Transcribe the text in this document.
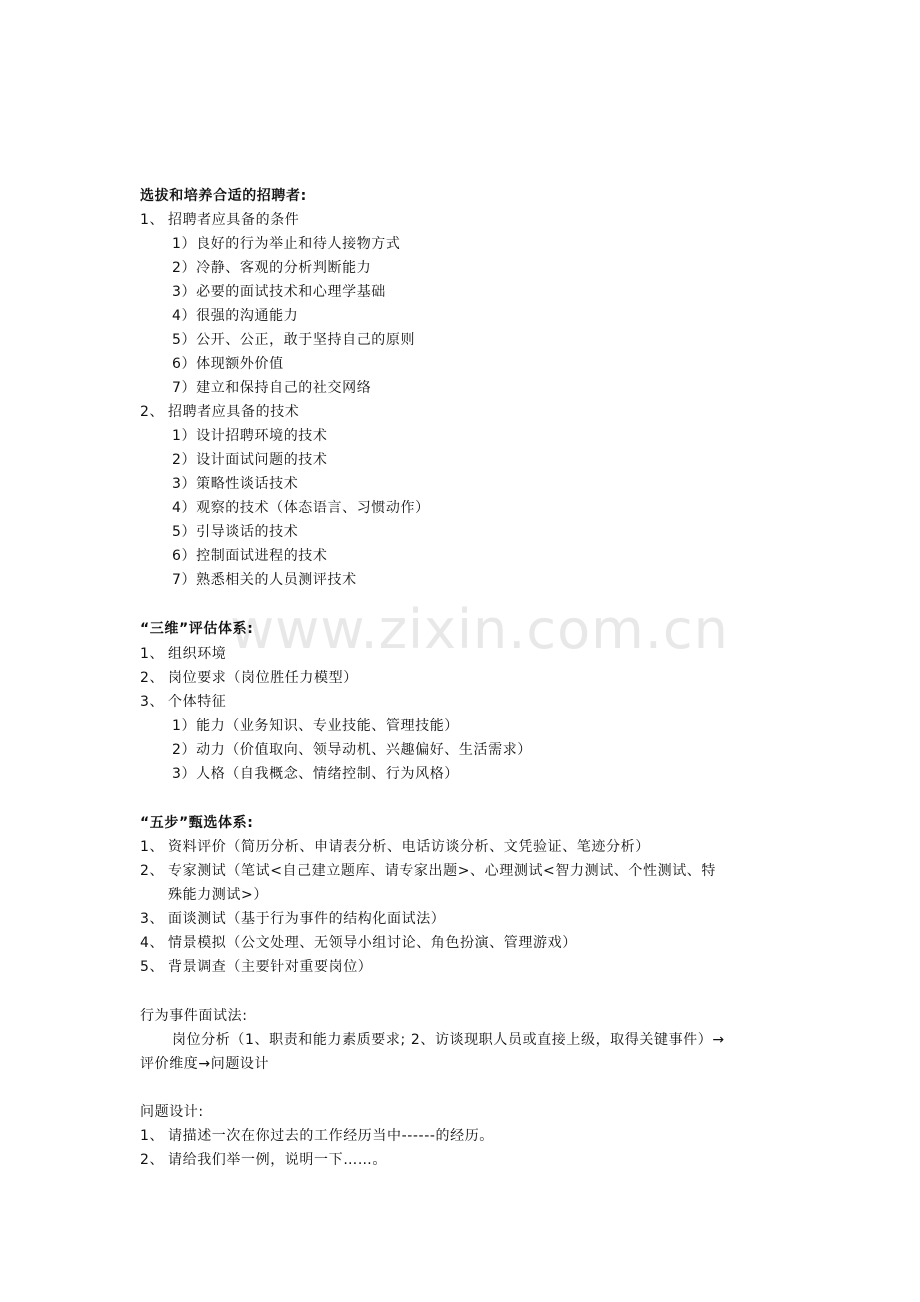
www.zixin.com.cn
选拔和培养合适的招聘者:
1、 招聘者应具备的条件
1）良好的行为举止和待人接物方式
2）冷静、客观的分析判断能力
3）必要的面试技术和心理学基础
4）很强的沟通能力
5）公开、公正，敢于坚持自己的原则
6）体现额外价值
7）建立和保持自己的社交网络
2、 招聘者应具备的技术
1）设计招聘环境的技术
2）设计面试问题的技术
3）策略性谈话技术
4）观察的技术（体态语言、习惯动作）
5）引导谈话的技术
6）控制面试进程的技术
7）熟悉相关的人员测评技术
“三维”评估体系:
1、 组织环境
2、 岗位要求（岗位胜任力模型）
3、 个体特征
1）能力（业务知识、专业技能、管理技能）
2）动力（价值取向、领导动机、兴趣偏好、生活需求）
3）人格（自我概念、情绪控制、行为风格）
“五步”甄选体系:
1、 资料评价（简历分析、申请表分析、电话访谈分析、文凭验证、笔迹分析）
2、 专家测试（笔试<自己建立题库、请专家出题>、心理测试<智力测试、个性测试、特
殊能力测试>）
3、 面谈测试（基于行为事件的结构化面试法）
4、 情景模拟（公文处理、无领导小组讨论、角色扮演、管理游戏）
5、 背景调查（主要针对重要岗位）
行为事件面试法:
岗位分析（1、职责和能力素质要求; 2、访谈现职人员或直接上级，取得关键事件）→
评价维度→问题设计
问题设计:
1、 请描述一次在你过去的工作经历当中------的经历。
2、 请给我们举一例，说明一下……。
